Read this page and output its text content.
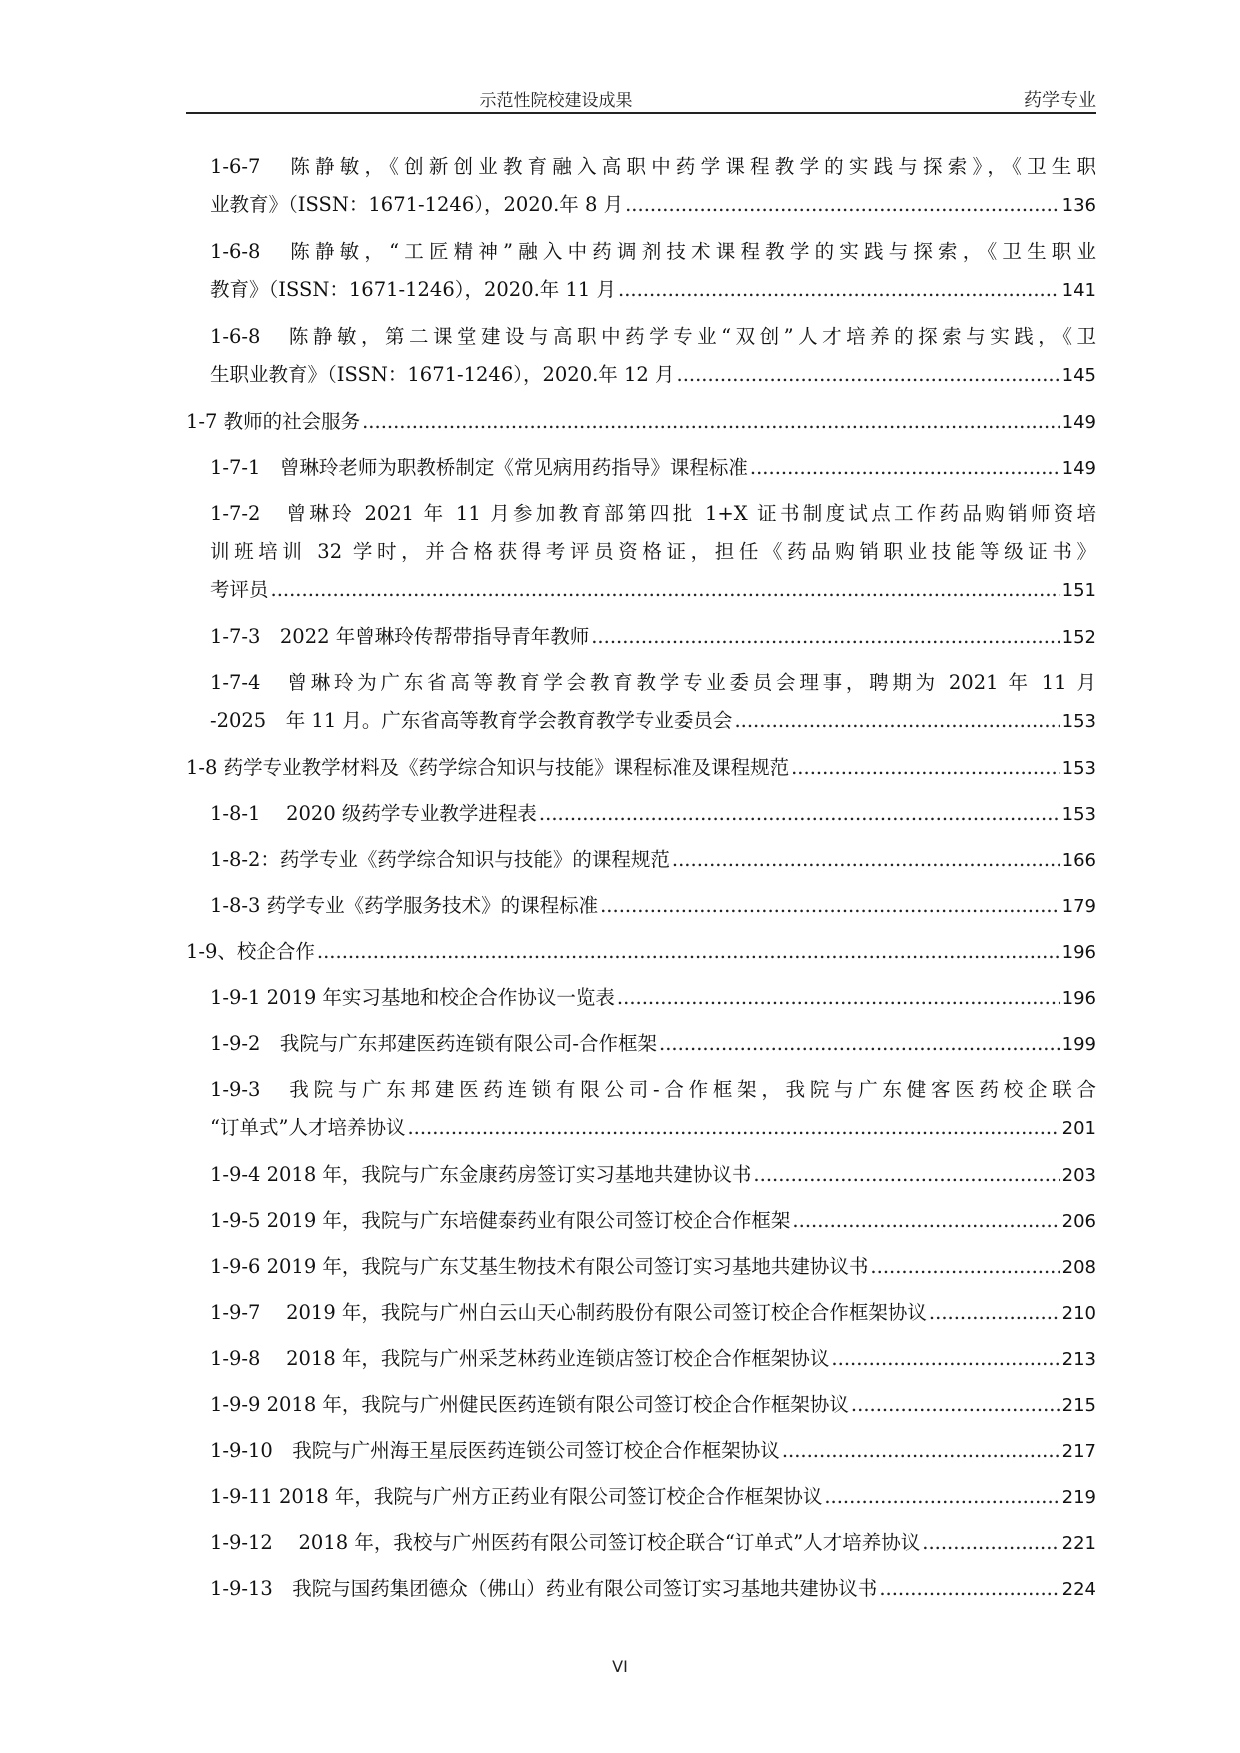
示范性院校建设成果	药学专业
1-6-7　陈静敏，《创新创业教育融入高职中药学课程教学的实践与探索》，《卫生职
业教育》（ISSN：1671-1246），2020.年 8 月 .....	136
1-6-8　陈静敏，“工匠精神”融入中药调剂技术课程教学的实践与探索，《卫生职业
教育》（ISSN：1671-1246），2020.年 11 月 .....	141
1-6-8　陈静敏，第二课堂建设与高职中药学专业“双创”人才培养的探索与实践，《卫
生职业教育》（ISSN：1671-1246），2020.年 12 月 .....	145
1-7 教师的社会服务 .....	149
1-7-1　曾琳玲老师为职教桥制定《常见病用药指导》课程标准 .....	149
1-7-2　曾琳玲 2021 年 11 月参加教育部第四批 1+X 证书制度试点工作药品购销师资培
训班培训 32 学时，并合格获得考评员资格证，担任《药品购销职业技能等级证书》
考评员 .....	151
1-7-3　2022 年曾琳玲传帮带指导青年教师 .....	152
1-7-4　曾琳玲为广东省高等教育学会教育教学专业委员会理事，聘期为 2021 年 11 月
-2025　年 11 月。广东省高等教育学会教育教学专业委员会 .....	153
1-8 药学专业教学材料及《药学综合知识与技能》课程标准及课程规范 .....	153
1-8-1　 2020 级药学专业教学进程表 .....	153
1-8-2：药学专业《药学综合知识与技能》的课程规范 .....	166
1-8-3 药学专业《药学服务技术》的课程标准 .....	179
1-9、校企合作 .....	196
1-9-1 2019 年实习基地和校企合作协议一览表 .....	196
1-9-2　我院与广东邦建医药连锁有限公司-合作框架 .....	199
1-9-3　我院与广东邦建医药连锁有限公司-合作框架，我院与广东健客医药校企联合
“订单式”人才培养协议 .....	201
1-9-4 2018 年，我院与广东金康药房签订实习基地共建协议书 .....	203
1-9-5 2019 年，我院与广东培健泰药业有限公司签订校企合作框架 .....	206
1-9-6 2019 年，我院与广东艾基生物技术有限公司签订实习基地共建协议书 .....	208
1-9-7　 2019 年，我院与广州白云山天心制药股份有限公司签订校企合作框架协议 .....	210
1-9-8　 2018 年，我院与广州采芝林药业连锁店签订校企合作框架协议 .....	213
1-9-9 2018 年，我院与广州健民医药连锁有限公司签订校企合作框架协议 .....	215
1-9-10　我院与广州海王星辰医药连锁公司签订校企合作框架协议 .....	217
1-9-11 2018 年，我院与广州方正药业有限公司签订校企合作框架协议 .....	219
1-9-12　 2018 年，我校与广州医药有限公司签订校企联合“订单式”人才培养协议 .....	221
1-9-13　我院与国药集团德众（佛山）药业有限公司签订实习基地共建协议书 .....	224
VI
